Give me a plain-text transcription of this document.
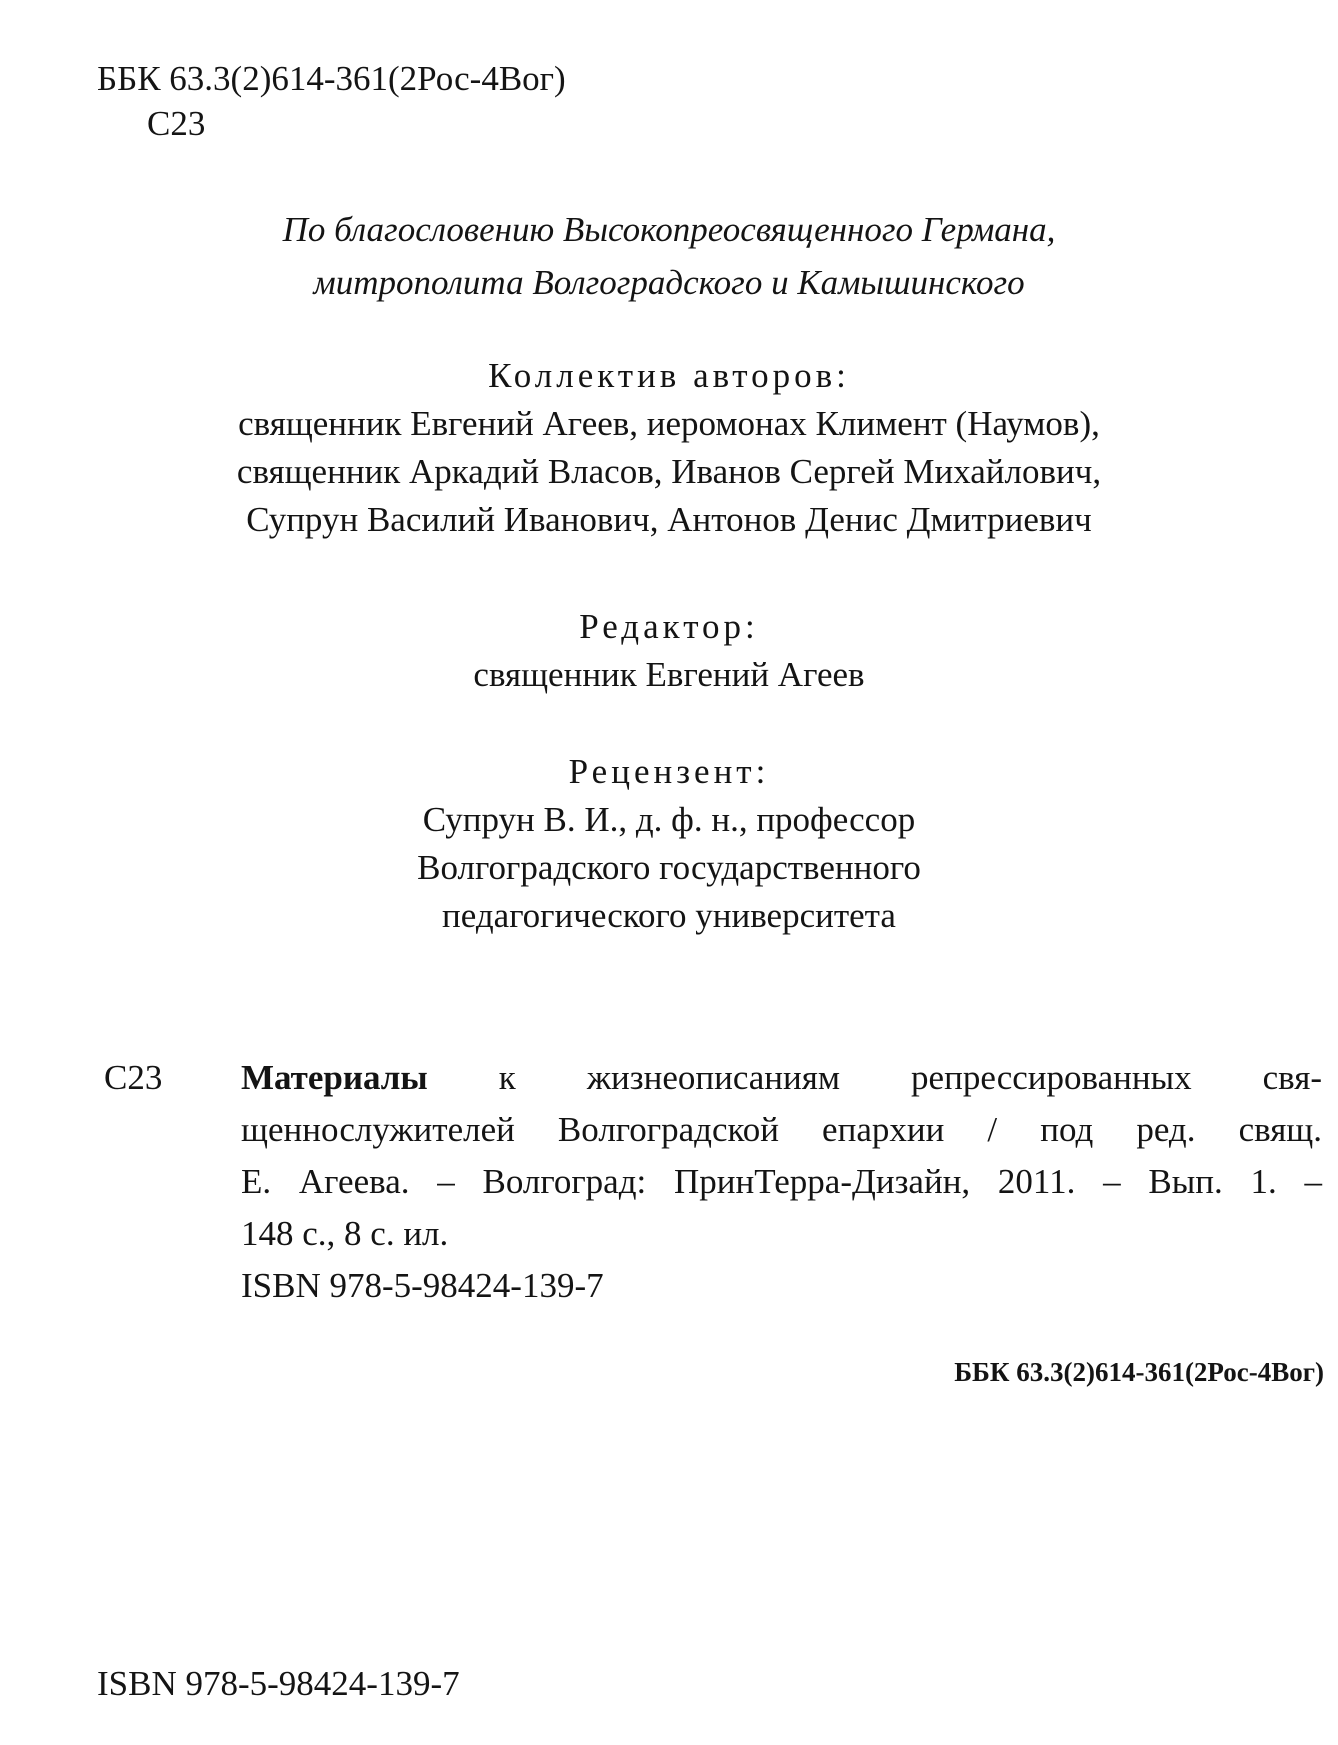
ББК 63.3(2)614-361(2Рос-4Вог)
С23
По благословению Высокопреосвященного Германа,
митрополита Волгоградского и Камышинского
Коллектив авторов:
священник Евгений Агеев, иеромонах Климент (Наумов),
священник Аркадий Власов, Иванов Сергей Михайлович,
Супрун Василий Иванович, Антонов Денис Дмитриевич
Редактор:
священник Евгений Агеев
Рецензент:
Супрун В. И., д. ф. н., профессор
Волгоградского государственного
педагогического университета
С23 Материалы к жизнеописаниям репрессированных свя-
щеннослужителей Волгоградской епархии / под ред. свящ.
Е. Агеева. – Волгоград: ПринТерра-Дизайн, 2011. – Вып. 1. –
148 с., 8 с. ил.
ISBN 978-5-98424-139-7
ББК 63.3(2)614-361(2Рос-4Вог)
ISBN 978-5-98424-139-7
